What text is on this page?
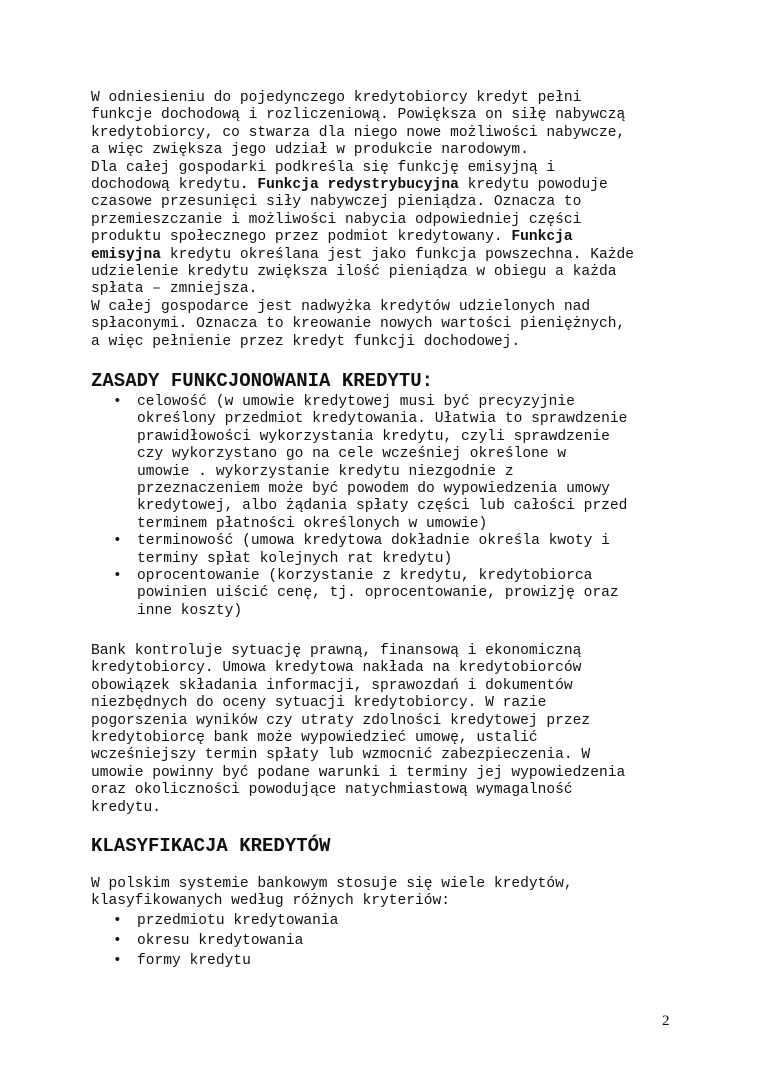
W odniesieniu do pojedynczego kredytobiorcy kredyt pełni
funkcje dochodową i rozliczeniową. Powiększa on siłę nabywczą
kredytobiorcy, co stwarza dla niego nowe możliwości nabywcze,
a więc zwiększa jego udział w produkcie narodowym.
Dla całej gospodarki podkreśla się funkcję emisyjną i
dochodową kredytu. Funkcja redystrybucyjna kredytu powoduje
czasowe przesunięci siły nabywczej pieniądza. Oznacza to
przemieszczanie i możliwości nabycia odpowiedniej części
produktu społecznego przez podmiot kredytowany. Funkcja
emisyjna kredytu określana jest jako funkcja powszechna. Każde
udzielenie kredytu zwiększa ilość pieniądza w obiegu a każda
spłata – zmniejsza.
W całej gospodarce jest nadwyżka kredytów udzielonych nad
spłaconymi. Oznacza to kreowanie nowych wartości pieniężnych,
a więc pełnienie przez kredyt funkcji dochodowej.
ZASADY FUNKCJONOWANIA KREDYTU:
• celowość (w umowie kredytowej musi być precyzyjnie
określony przedmiot kredytowania. Ułatwia to sprawdzenie
prawidłowości wykorzystania kredytu, czyli sprawdzenie
czy wykorzystano go na cele wcześniej określone w
umowie . wykorzystanie kredytu niezgodnie z
przeznaczeniem może być powodem do wypowiedzenia umowy
kredytowej, albo żądania spłaty części lub całości przed
terminem płatności określonych w umowie)
• terminowość (umowa kredytowa dokładnie określa kwoty i
terminy spłat kolejnych rat kredytu)
• oprocentowanie (korzystanie z kredytu, kredytobiorca
powinien uiścić cenę, tj. oprocentowanie, prowizję oraz
inne koszty)
Bank kontroluje sytuację prawną, finansową i ekonomiczną
kredytobiorcy. Umowa kredytowa nakłada na kredytobiorców
obowiązek składania informacji, sprawozdań i dokumentów
niezbędnych do oceny sytuacji kredytobiorcy. W razie
pogorszenia wyników czy utraty zdolności kredytowej przez
kredytobiorcę bank może wypowiedzieć umowę, ustalić
wcześniejszy termin spłaty lub wzmocnić zabezpieczenia. W
umowie powinny być podane warunki i terminy jej wypowiedzenia
oraz okoliczności powodujące natychmiastową wymagalność
kredytu.
KLASYFIKACJA KREDYTÓW
W polskim systemie bankowym stosuje się wiele kredytów,
klasyfikowanych według różnych kryteriów:
• przedmiotu kredytowania
• okresu kredytowania
• formy kredytu
2
